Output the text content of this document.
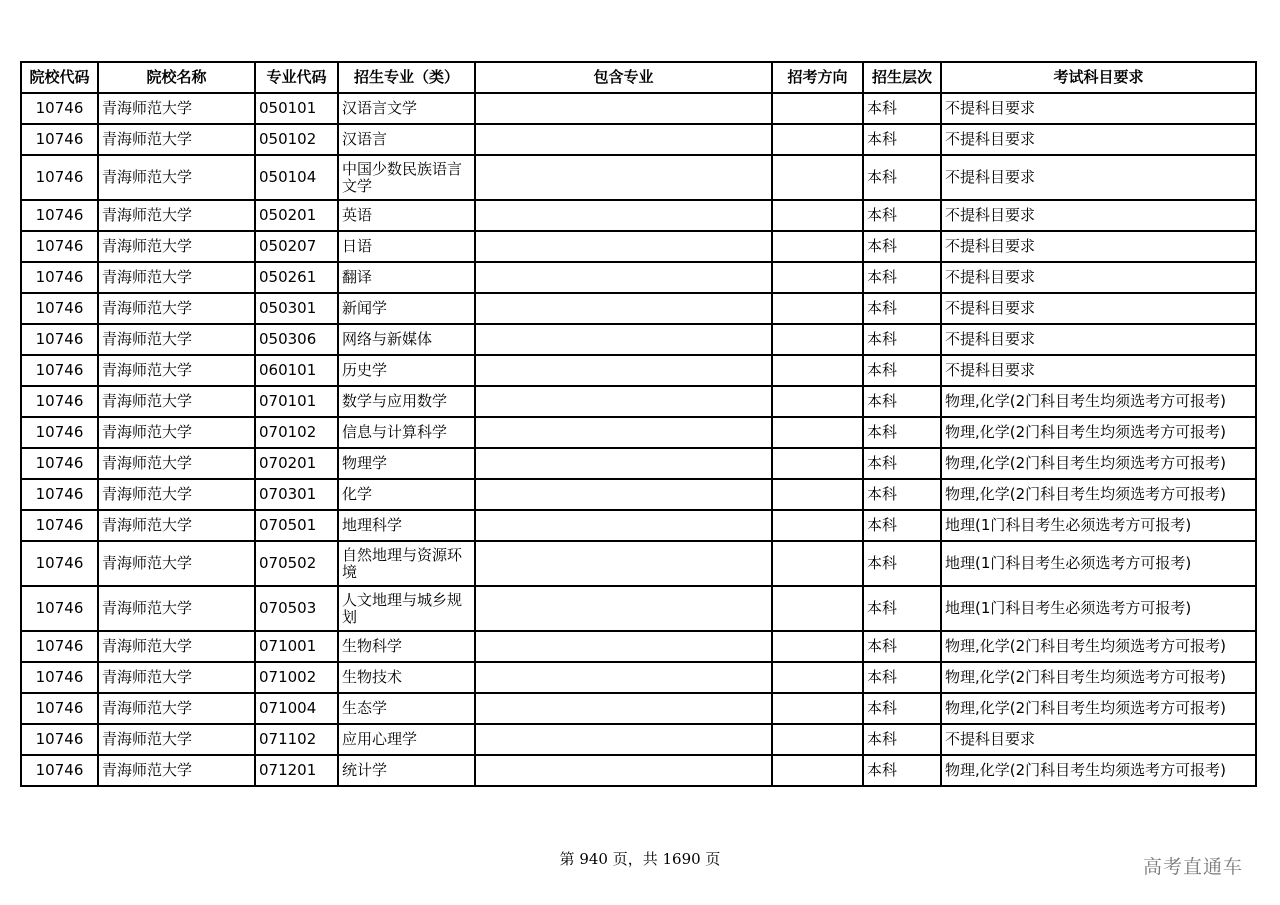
院校代码	院校名称	专业代码	招生专业（类）	包含专业	招考方向	招生层次	考试科目要求
10746	青海师范大学	050101	汉语言文学			本科	不提科目要求
10746	青海师范大学	050102	汉语言			本科	不提科目要求
10746	青海师范大学	050104	中国少数民族语言文学			本科	不提科目要求
10746	青海师范大学	050201	英语			本科	不提科目要求
10746	青海师范大学	050207	日语			本科	不提科目要求
10746	青海师范大学	050261	翻译			本科	不提科目要求
10746	青海师范大学	050301	新闻学			本科	不提科目要求
10746	青海师范大学	050306	网络与新媒体			本科	不提科目要求
10746	青海师范大学	060101	历史学			本科	不提科目要求
10746	青海师范大学	070101	数学与应用数学			本科	物理,化学(2门科目考生均须选考方可报考)
10746	青海师范大学	070102	信息与计算科学			本科	物理,化学(2门科目考生均须选考方可报考)
10746	青海师范大学	070201	物理学			本科	物理,化学(2门科目考生均须选考方可报考)
10746	青海师范大学	070301	化学			本科	物理,化学(2门科目考生均须选考方可报考)
10746	青海师范大学	070501	地理科学			本科	地理(1门科目考生必须选考方可报考)
10746	青海师范大学	070502	自然地理与资源环境			本科	地理(1门科目考生必须选考方可报考)
10746	青海师范大学	070503	人文地理与城乡规划			本科	地理(1门科目考生必须选考方可报考)
10746	青海师范大学	071001	生物科学			本科	物理,化学(2门科目考生均须选考方可报考)
10746	青海师范大学	071002	生物技术			本科	物理,化学(2门科目考生均须选考方可报考)
10746	青海师范大学	071004	生态学			本科	物理,化学(2门科目考生均须选考方可报考)
10746	青海师范大学	071102	应用心理学			本科	不提科目要求
10746	青海师范大学	071201	统计学			本科	物理,化学(2门科目考生均须选考方可报考)
第 940 页，共 1690 页	高考直通车
